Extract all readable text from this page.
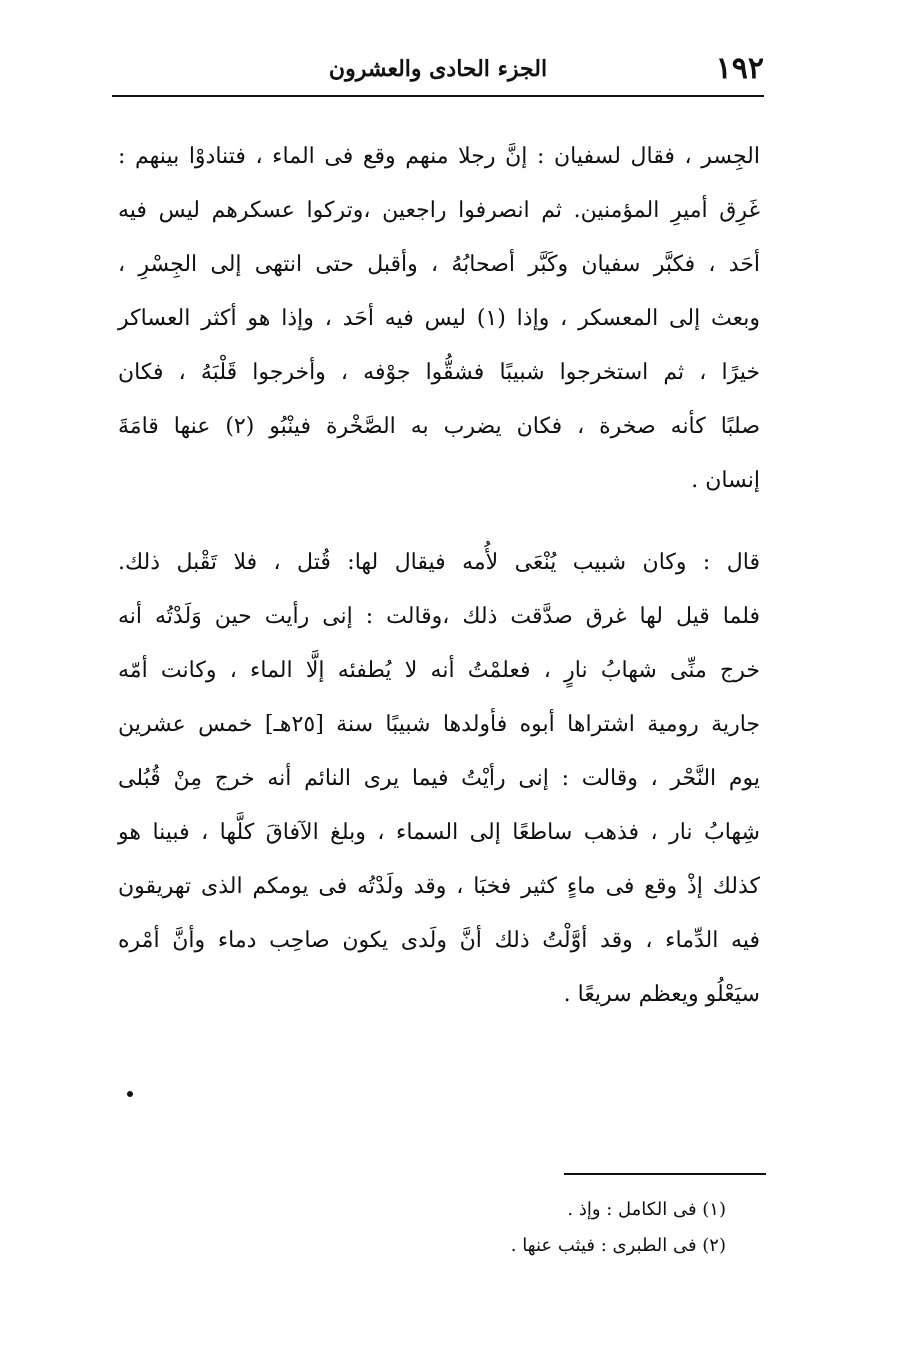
١٩٢
الجزء الحادى والعشرون
الجِسر ، فقال لسفيان : إنَّ رجلا منهم وقع فى الماء ، فتنادوْا بينهم :
غَرِق أميرِ المؤمنين. ثم انصرفوا راجعين ،وتركوا عسكرهم ليس فيه
أحَد ، فكبَّر سفيان وكَبَّر أصحابُهُ ، وأقبل حتى انتهى إلى الجِسْرِ ،
وبعث إلى المعسكر ، وإذا (١) ليس فيه أحَد ، وإذا هو أكثر العساكر
خيرًا ، ثم استخرجوا شبيبًا فشقُّوا جوْفه ، وأخرجوا قَلْبَهُ ، فكان
صلبًا كأنه صخرة ، فكان يضرب به الصَّخْرة فينْبُو (٢) عنها قامَةَ
إنسان .
قال : وكان شبيب يُنْعَى لأُمه فيقال لها: قُتل ، فلا تَقْبل ذلك.
فلما قيل لها غرق صدَّقت ذلك ،وقالت : إنى رأيت حين وَلَدْتُه أنه
خرج منِّى شهابُ نارٍ ، فعلمْتُ أنه لا يُطفئه إلَّا الماء ، وكانت أمّه
جارية رومية اشتراها أبوه فأولدها شبيبًا سنة [٢٥هـ] خمس عشرين
يوم النَّحْر ، وقالت : إنى رأيْتُ فيما يرى النائم أنه خرج مِنْ قُبُلى
شِهابُ نار ، فذهب ساطعًا إلى السماء ، وبلغ الآفاقَ كلَّها ، فبينا هو
كذلك إذْ وقع فى ماءٍ كثير فخبَا ، وقد ولَدْتُه فى يومكم الذى تهريقون
فيه الدِّماء ، وقد أوَّلْتُ ذلك أنَّ ولَدى يكون صاحِب دماء وأنَّ أمْره
سيَعْلُو ويعظم سريعًا .
(١) فى الكامل : وإذ .
(٢) فى الطبرى : فيثب عنها .
